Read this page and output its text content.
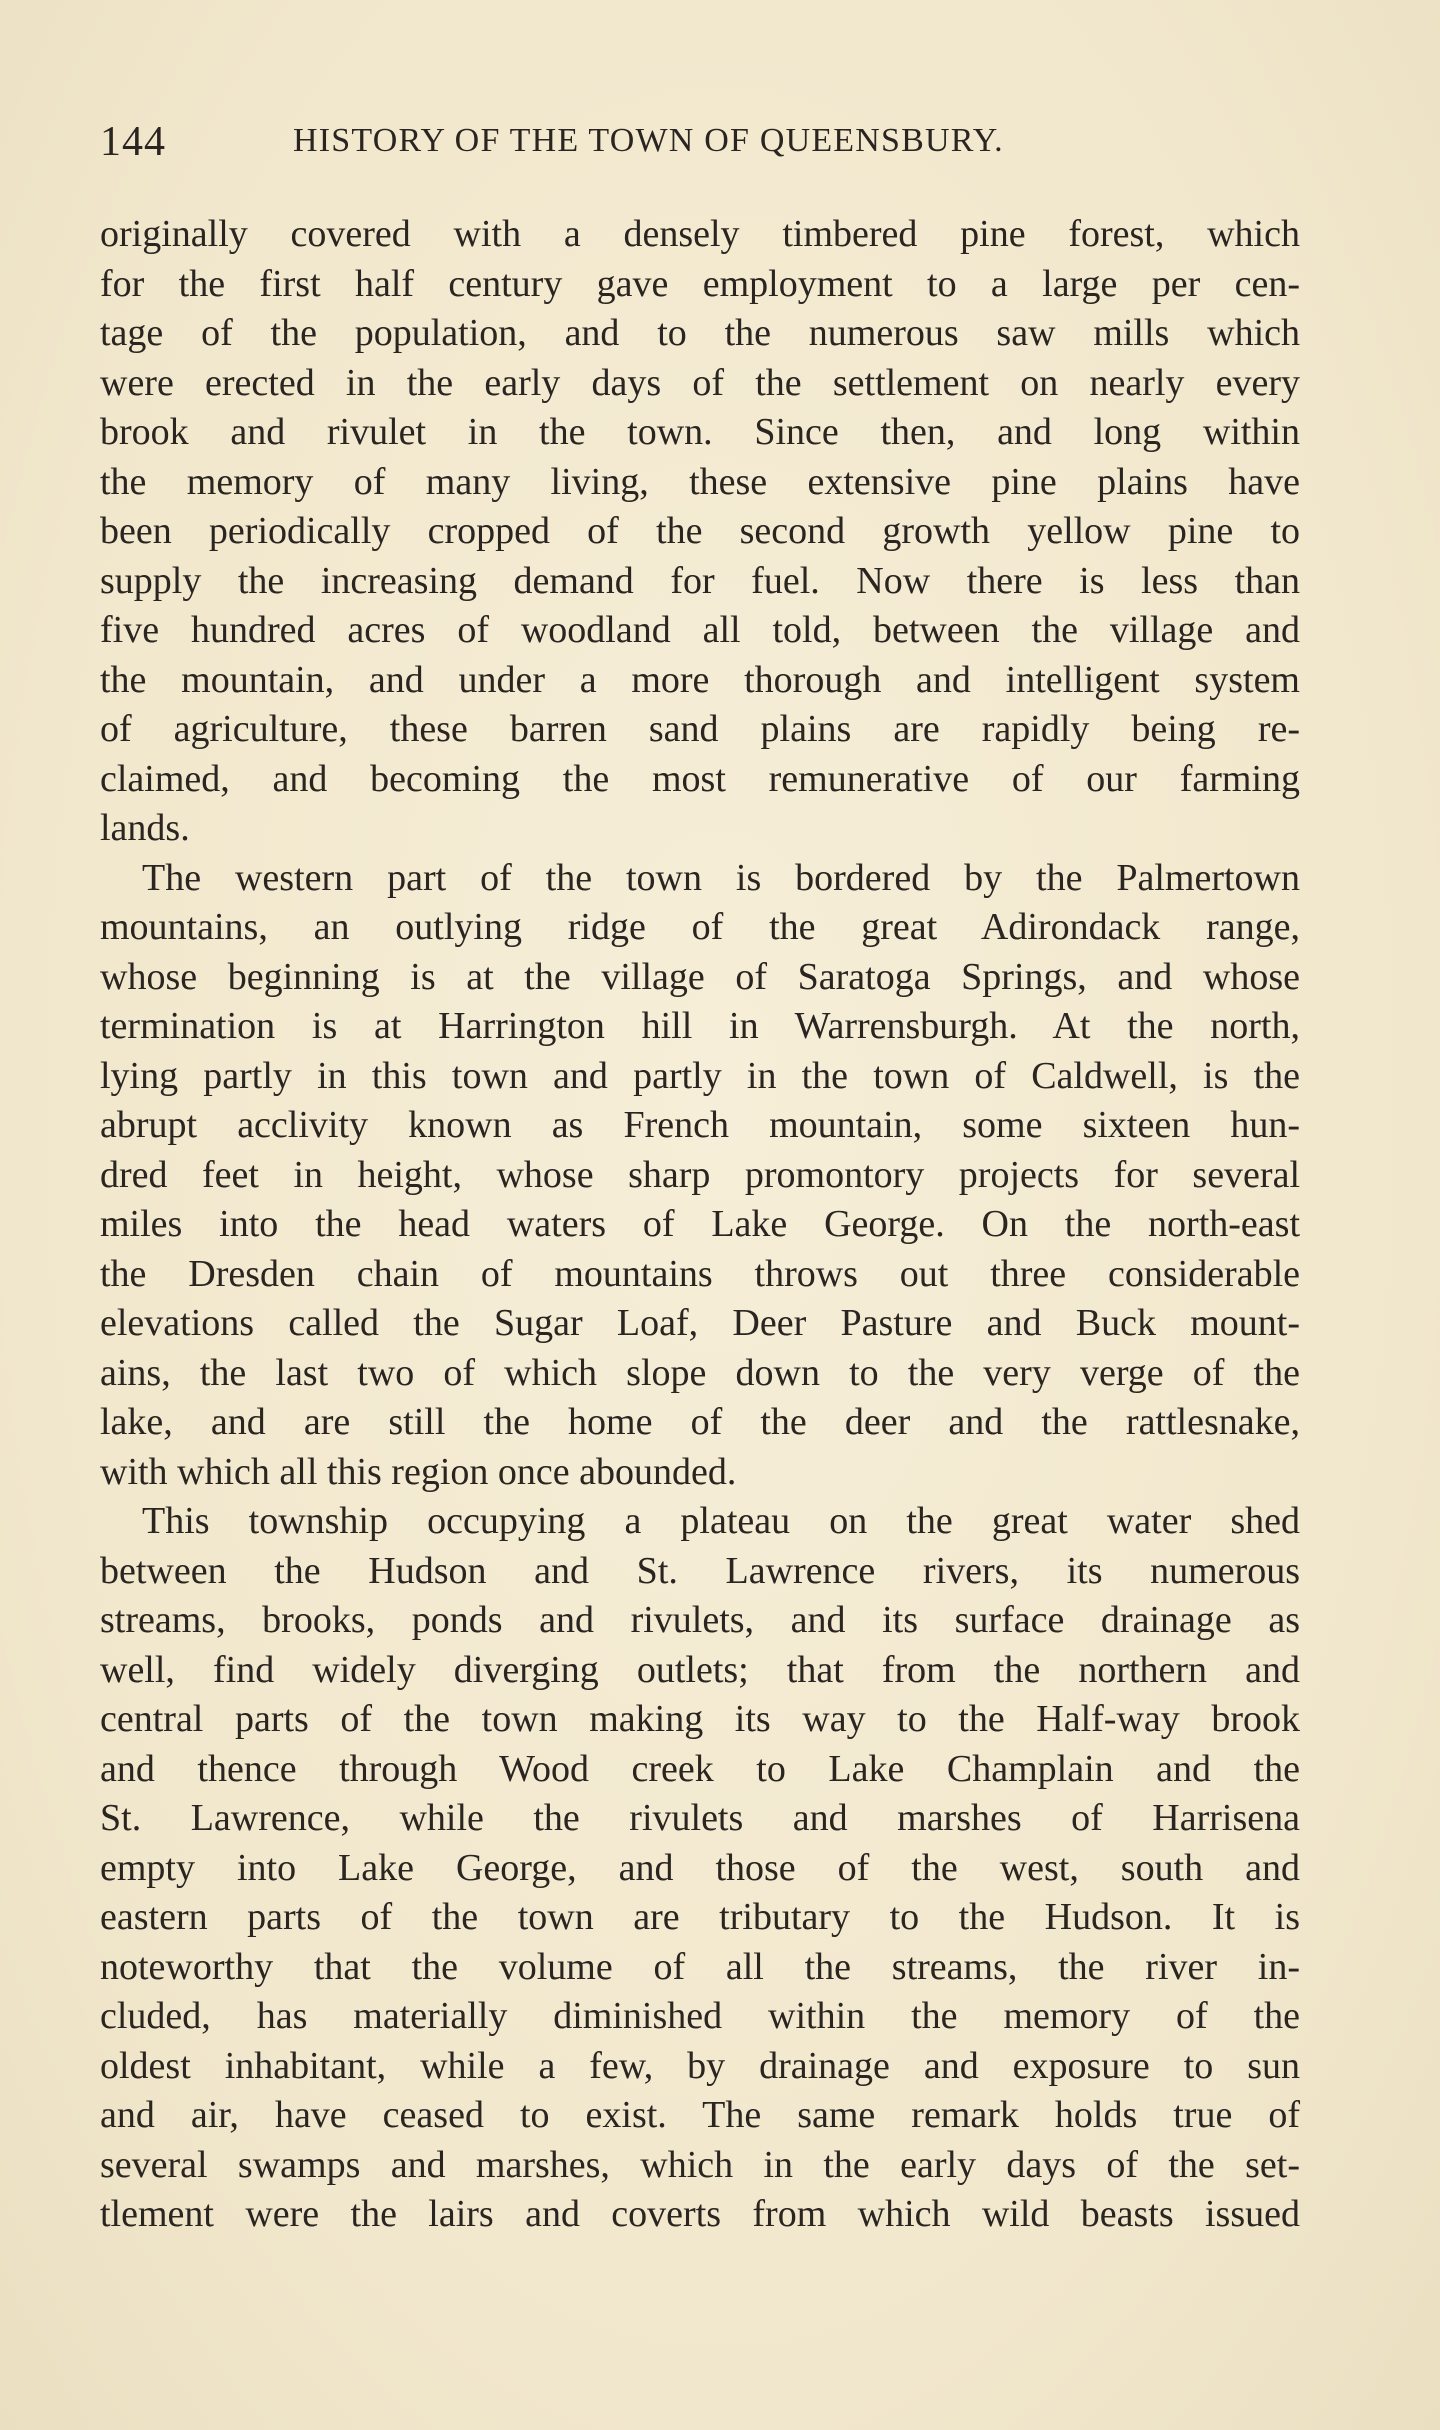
144	HISTORY OF THE TOWN OF QUEENSBURY.
originally covered with a densely timbered pine forest, which
for the first half century gave employment to a large per cen-
tage of the population, and to the numerous saw mills which
were erected in the early days of the settlement on nearly every
brook and rivulet in the town. Since then, and long within
the memory of many living, these extensive pine plains have
been periodically cropped of the second growth yellow pine to
supply the increasing demand for fuel. Now there is less than
five hundred acres of woodland all told, between the village and
the mountain, and under a more thorough and intelligent system
of agriculture, these barren sand plains are rapidly being re-
claimed, and becoming the most remunerative of our farming
lands.
The western part of the town is bordered by the Palmertown
mountains, an outlying ridge of the great Adirondack range,
whose beginning is at the village of Saratoga Springs, and whose
termination is at Harrington hill in Warrensburgh. At the north,
lying partly in this town and partly in the town of Caldwell, is the
abrupt acclivity known as French mountain, some sixteen hun-
dred feet in height, whose sharp promontory projects for several
miles into the head waters of Lake George. On the north-east
the Dresden chain of mountains throws out three considerable
elevations called the Sugar Loaf, Deer Pasture and Buck mount-
ains, the last two of which slope down to the very verge of the
lake, and are still the home of the deer and the rattlesnake,
with which all this region once abounded.
This township occupying a plateau on the great water shed
between the Hudson and St. Lawrence rivers, its numerous
streams, brooks, ponds and rivulets, and its surface drainage as
well, find widely diverging outlets; that from the northern and
central parts of the town making its way to the Half-way brook
and thence through Wood creek to Lake Champlain and the
St. Lawrence, while the rivulets and marshes of Harrisena
empty into Lake George, and those of the west, south and
eastern parts of the town are tributary to the Hudson. It is
noteworthy that the volume of all the streams, the river in-
cluded, has materially diminished within the memory of the
oldest inhabitant, while a few, by drainage and exposure to sun
and air, have ceased to exist. The same remark holds true of
several swamps and marshes, which in the early days of the set-
tlement were the lairs and coverts from which wild beasts issued
